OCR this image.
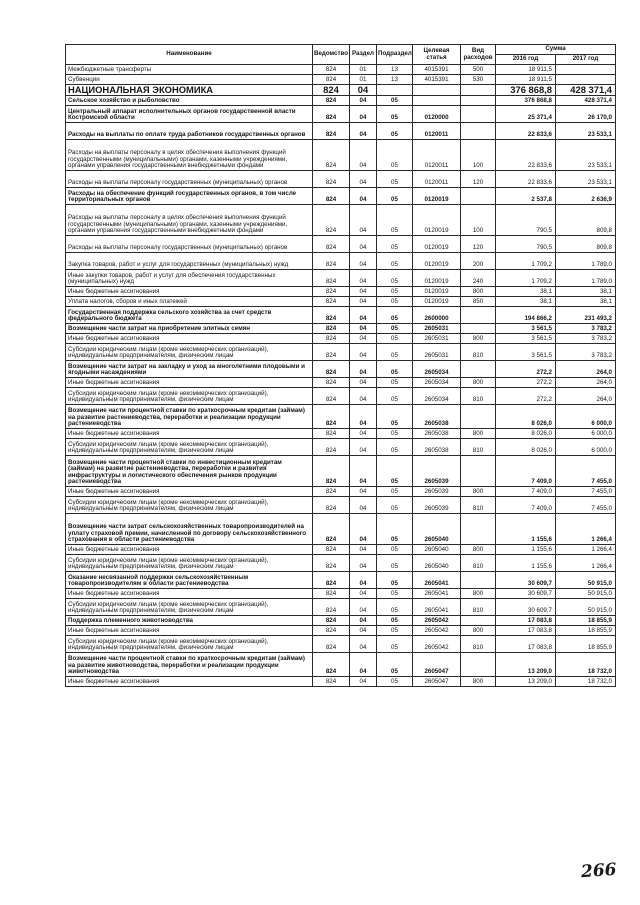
Наименование	Ведомство	Раздел	Подраздел	Целевая статья	Вид расходов	Сумма	
						2016 год	2017 год
Межбюджетные трансферты	824	01	13	4015391	500	18 911,5	
Субвенции	824	01	13	4015391	530	18 911,5	
НАЦИОНАЛЬНАЯ ЭКОНОМИКА	824	04				376 868,8	428 371,4
Сельское хозяйство и рыболовство	824	04	05			376 868,8	428 371,4
Центральный аппарат исполнительных органов государственной власти Костромской области	824	04	05	0120000		25 371,4	26 170,0
Расходы на выплаты по оплате труда работников государственных органов	824	04	05	0120011		22 833,6	23 533,1
Расходы на выплаты персоналу в целях обеспечения выполнения функций государственными (муниципальными) органами, казенными учреждениями, органами управления государственными внебюджетными фондами	824	04	05	0120011	100	22 833,6	23 533,1
Расходы на выплаты персоналу государственных (муниципальных) органов	824	04	05	0120011	120	22 833,6	23 533,1
Расходы на обеспечение функций государственных органов, в том числе территориальных органов	824	04	05	0120019		2 537,8	2 636,9
Расходы на выплаты персоналу в целях обеспечения выполнения функций государственными (муниципальными) органами, казенными учреждениями, органами управления государственными внебюджетными фондами	824	04	05	0120019	100	790,5	809,8
Расходы на выплаты персоналу государственных (муниципальных) органов	824	04	05	0120019	120	790,5	809,8
Закупка товаров, работ и услуг для государственных (муниципальных) нужд	824	04	05	0120019	200	1 709,2	1 789,0
Иные закупки товаров, работ и услуг для обеспечения государственных (муниципальных) нужд	824	04	05	0120019	240	1 709,2	1 789,0
Иные бюджетные ассигнования	824	04	05	0120019	800	38,1	38,1
Уплата налогов, сборов и иных платежей	824	04	05	0120019	850	38,1	38,1
Государственная поддержка сельского хозяйства за счет средств федерального бюджета	824	04	05	2600000		194 866,2	231 493,2
Возмещение части затрат на приобретение элитных семян	824	04	05	2605031		3 561,5	3 783,2
Иные бюджетные ассигнования	824	04	05	2605031	800	3 561,5	3 783,2
Субсидии юридическим лицам (кроме некоммерческих организаций), индивидуальным предпринимателям, физическим лицам	824	04	05	2605031	810	3 561,5	3 783,2
Возмещение части затрат на закладку и уход за многолетними плодовыми и ягодными насаждениями	824	04	05	2605034		272,2	264,0
Иные бюджетные ассигнования	824	04	05	2605034	800	272,2	264,0
Субсидии юридическим лицам (кроме некоммерческих организаций), индивидуальным предпринимателям, физическим лицам	824	04	05	2605034	810	272,2	264,0
Возмещение части процентной ставки по краткосрочным кредитам (займам) на развитие растениеводства, переработки и реализации продукции растениеводства	824	04	05	2605038		8 026,0	6 000,0
Иные бюджетные ассигнования	824	04	05	2605038	800	8 026,0	6 000,0
Субсидии юридическим лицам (кроме некоммерческих организаций), индивидуальным предпринимателям, физическим лицам	824	04	05	2605038	810	8 026,0	6 000,0
Возмещение части процентной ставки по инвестиционным кредитам (займам) на развитие растениеводства, переработки и развития инфраструктуры и логистического обеспечения рынков продукции растениеводства	824	04	05	2605039		7 409,0	7 455,0
Иные бюджетные ассигнования	824	04	05	2605039	800	7 409,0	7 455,0
Субсидии юридическим лицам (кроме некоммерческих организаций), индивидуальным предпринимателям, физическим лицам	824	04	05	2605039	810	7 409,0	7 455,0
Возмещение части затрат сельскохозяйственных товаропроизводителей на уплату страховой премии, начисленной по договору сельскохозяйственного страхования в области растениеводства	824	04	05	2605040		1 155,6	1 266,4
Иные бюджетные ассигнования	824	04	05	2605040	800	1 155,6	1 266,4
Субсидии юридическим лицам (кроме некоммерческих организаций), индивидуальным предпринимателям, физическим лицам	824	04	05	2605040	810	1 155,6	1 266,4
Оказание несвязанной поддержки сельскохозяйственным товаропроизводителям в области растениеводства	824	04	05	2605041		30 609,7	50 915,0
Иные бюджетные ассигнования	824	04	05	2605041	800	30 609,7	50 915,0
Субсидии юридическим лицам (кроме некоммерческих организаций), индивидуальным предпринимателям, физическим лицам	824	04	05	2605041	810	30 609,7	50 915,0
Поддержка племенного животноводства	824	04	05	2605042		17 083,8	18 855,9
Иные бюджетные ассигнования	824	04	05	2605042	800	17 083,8	18 855,9
Субсидии юридическим лицам (кроме некоммерческих организаций), индивидуальным предпринимателям, физическим лицам	824	04	05	2605042	810	17 083,8	18 855,9
Возмещение части процентной ставки по краткосрочным кредитам (займам) на развитие животноводства, переработки и реализации продукции животноводства	824	04	05	2605047		13 209,0	18 732,0
Иные бюджетные ассигнования	824	04	05	2605047	800	13 209,0	18 732,0
266
